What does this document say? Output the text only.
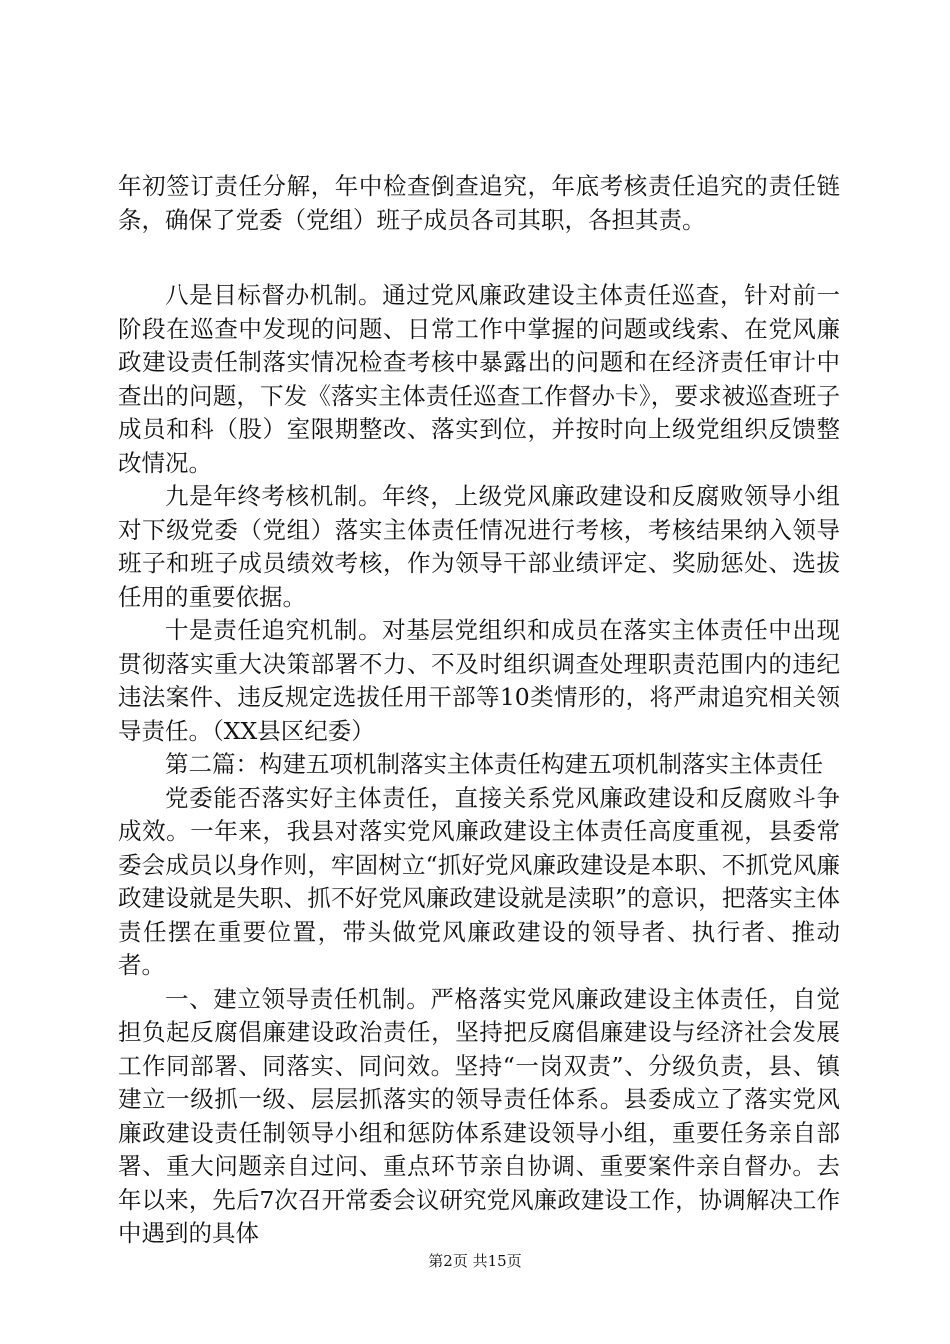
年初签订责任分解，年中检查倒查追究，年底考核责任追究的责任链条，确保了党委（党组）班子成员各司其职，各担其责。

八是目标督办机制。通过党风廉政建设主体责任巡查，针对前一阶段在巡查中发现的问题、日常工作中掌握的问题或线索、在党风廉政建设责任制落实情况检查考核中暴露出的问题和在经济责任审计中查出的问题，下发《落实主体责任巡查工作督办卡》，要求被巡查班子成员和科（股）室限期整改、落实到位，并按时向上级党组织反馈整改情况。

九是年终考核机制。年终，上级党风廉政建设和反腐败领导小组对下级党委（党组）落实主体责任情况进行考核，考核结果纳入领导班子和班子成员绩效考核，作为领导干部业绩评定、奖励惩处、选拔任用的重要依据。

十是责任追究机制。对基层党组织和成员在落实主体责任中出现贯彻落实重大决策部署不力、不及时组织调查处理职责范围内的违纪违法案件、违反规定选拔任用干部等10类情形的，将严肃追究相关领导责任。（XX县区纪委）

第二篇：构建五项机制落实主体责任构建五项机制落实主体责任

党委能否落实好主体责任，直接关系党风廉政建设和反腐败斗争成效。一年来，我县对落实党风廉政建设主体责任高度重视，县委常委会成员以身作则，牢固树立“抓好党风廉政建设是本职、不抓党风廉政建设就是失职、抓不好党风廉政建设就是渎职”的意识，把落实主体责任摆在重要位置，带头做党风廉政建设的领导者、执行者、推动者。

一、建立领导责任机制。严格落实党风廉政建设主体责任，自觉担负起反腐倡廉建设政治责任，坚持把反腐倡廉建设与经济社会发展工作同部署、同落实、同问效。坚持“一岗双责”、分级负责，县、镇建立一级抓一级、层层抓落实的领导责任体系。县委成立了落实党风廉政建设责任制领导小组和惩防体系建设领导小组，重要任务亲自部署、重大问题亲自过问、重点环节亲自协调、重要案件亲自督办。去年以来，先后7次召开常委会议研究党风廉政建设工作，协调解决工作中遇到的具体

第2页 共15页
